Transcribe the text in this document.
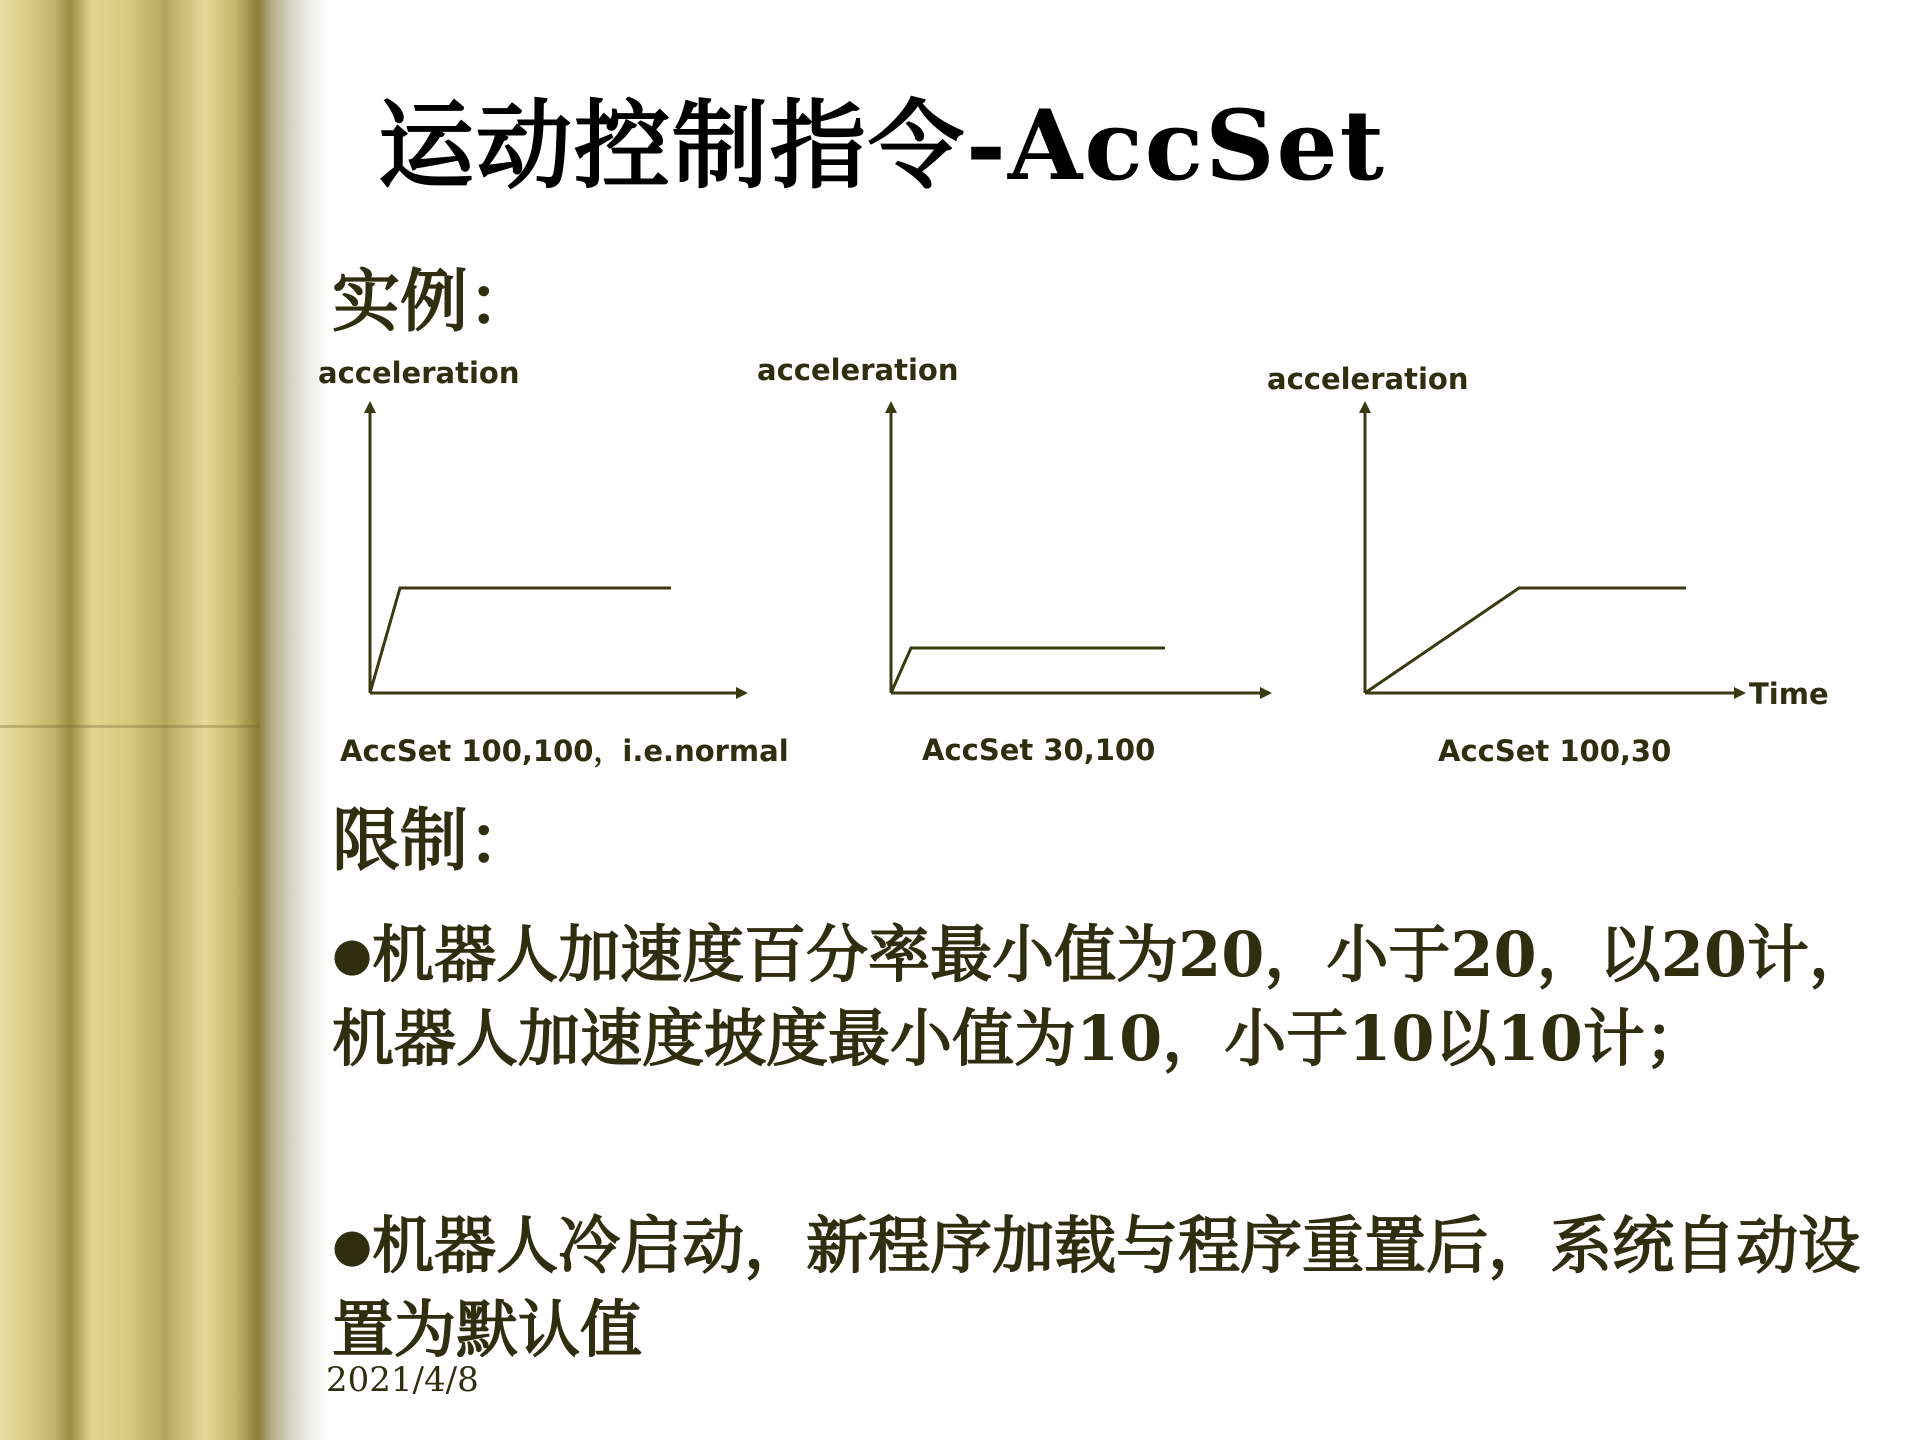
运动控制指令-AccSet

实例：

acceleration
AccSet 100,100，i.e.normal
acceleration
AccSet 30,100
acceleration
Time
AccSet 100,30

限制：

●机器人加速度百分率最小值为20，小于20，以20计，机器人加速度坡度最小值为10，小于10以10计；

●机器人冷启动，新程序加载与程序重置后，系统自动设置为默认值

2021/4/8
